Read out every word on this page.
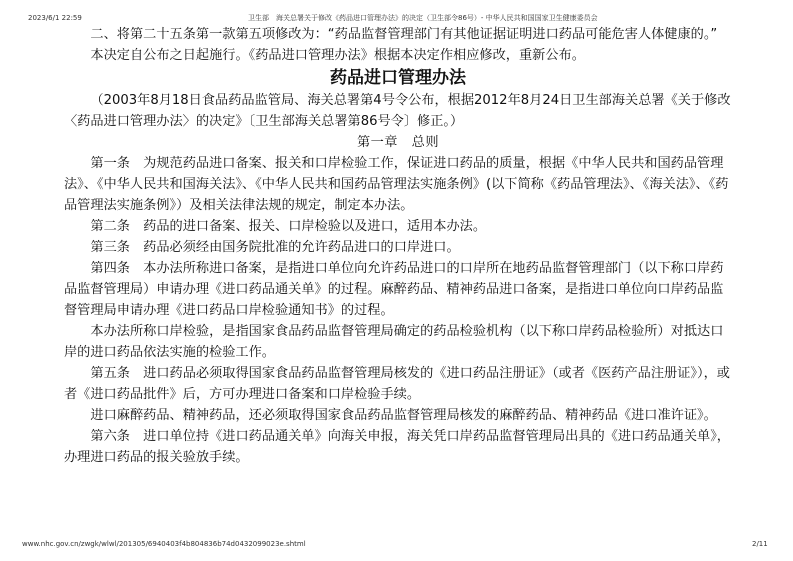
2023/6/1 22:59	卫生部　海关总署关于修改《药品进口管理办法》的决定（卫生部令86号）- 中华人民共和国国家卫生健康委员会

二、将第二十五条第一款第五项修改为：“药品监督管理部门有其他证据证明进口药品可能危害人体健康的。”

本决定自公布之日起施行。《药品进口管理办法》根据本决定作相应修改，重新公布。

药品进口管理办法

（2003年8月18日食品药品监管局、海关总署第4号令公布，根据2012年8月24日卫生部海关总署《关于修改〈药品进口管理办法〉的决定》〔卫生部海关总署第86号令〕修正。）

第一章　总则

第一条　为规范药品进口备案、报关和口岸检验工作，保证进口药品的质量，根据《中华人民共和国药品管理法》、《中华人民共和国海关法》、《中华人民共和国药品管理法实施条例》(以下简称《药品管理法》、《海关法》、《药品管理法实施条例》）及相关法律法规的规定，制定本办法。

第二条　药品的进口备案、报关、口岸检验以及进口，适用本办法。

第三条　药品必须经由国务院批准的允许药品进口的口岸进口。

第四条　本办法所称进口备案，是指进口单位向允许药品进口的口岸所在地药品监督管理部门（以下称口岸药品监督管理局）申请办理《进口药品通关单》的过程。麻醉药品、精神药品进口备案，是指进口单位向口岸药品监督管理局申请办理《进口药品口岸检验通知书》的过程。

本办法所称口岸检验，是指国家食品药品监督管理局确定的药品检验机构（以下称口岸药品检验所）对抵达口岸的进口药品依法实施的检验工作。

第五条　进口药品必须取得国家食品药品监督管理局核发的《进口药品注册证》（或者《医药产品注册证》），或者《进口药品批件》后，方可办理进口备案和口岸检验手续。

进口麻醉药品、精神药品，还必须取得国家食品药品监督管理局核发的麻醉药品、精神药品《进口准许证》。

第六条　进口单位持《进口药品通关单》向海关申报，海关凭口岸药品监督管理局出具的《进口药品通关单》，办理进口药品的报关验放手续。

www.nhc.gov.cn/zwgk/wlwl/201305/6940403f4b804836b74d0432099023e.shtml	2/11
